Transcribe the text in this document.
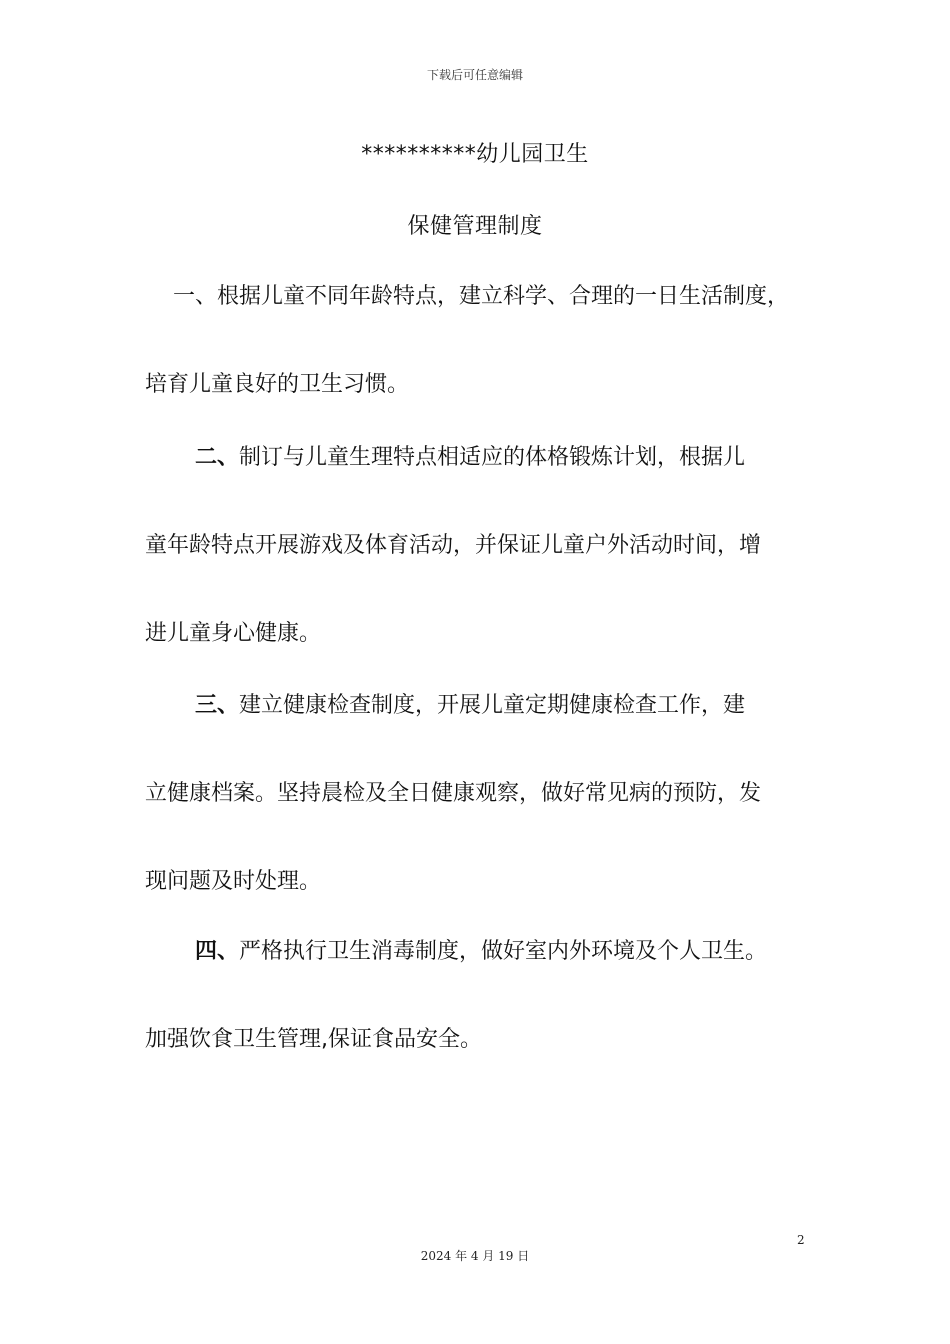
下载后可任意编辑
**********幼儿园卫生
保健管理制度
一、根据儿童不同年龄特点，建立科学、合理的一日生活制度，
培育儿童良好的卫生习惯。
二、制订与儿童生理特点相适应的体格锻炼计划，根据儿
童年龄特点开展游戏及体育活动，并保证儿童户外活动时间，增
进儿童身心健康。
三、建立健康检查制度，开展儿童定期健康检查工作，建
立健康档案。坚持晨检及全日健康观察，做好常见病的预防，发
现问题及时处理。
四、严格执行卫生消毒制度，做好室内外环境及个人卫生。
加强饮食卫生管理,保证食品安全。
2
2024 年 4 月 19 日
